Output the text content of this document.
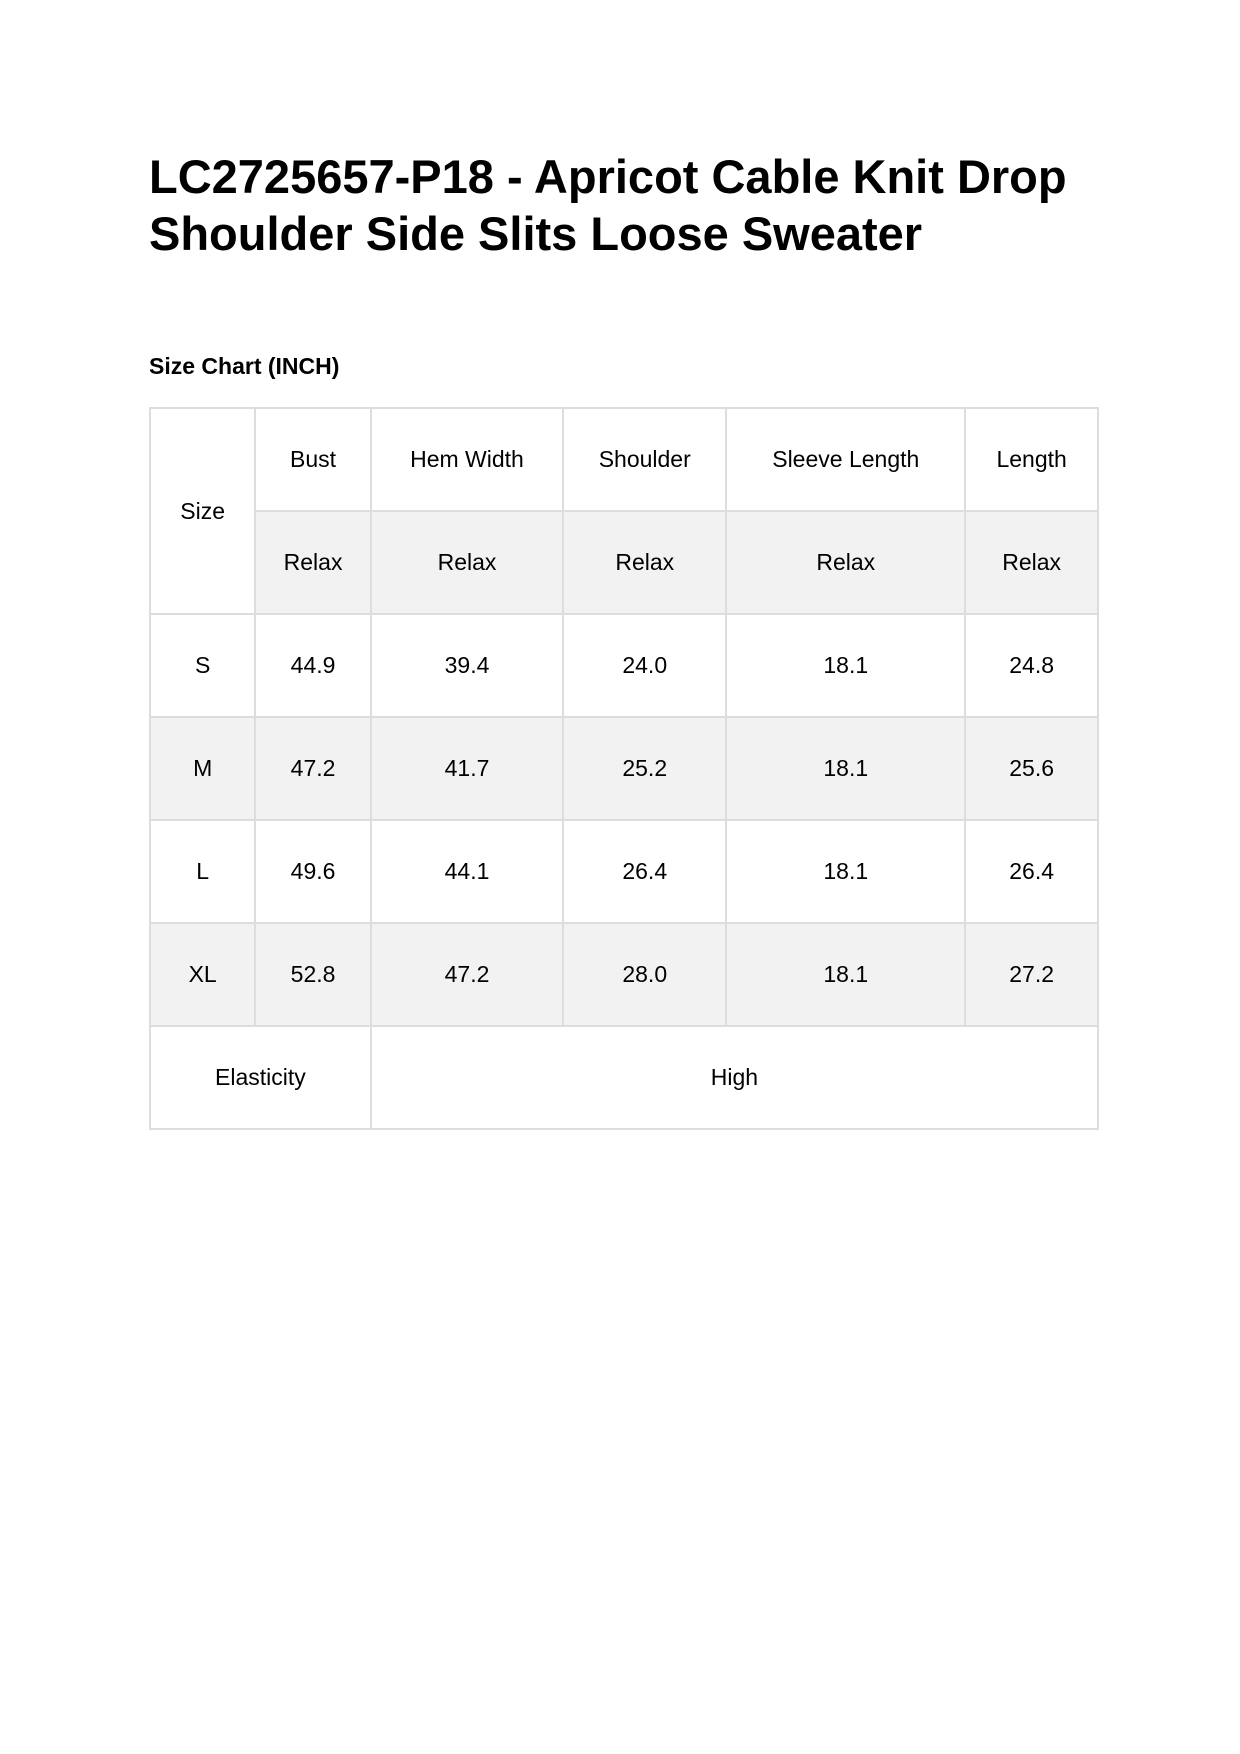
LC2725657-P18 - Apricot Cable Knit Drop Shoulder Side Slits Loose Sweater
Size Chart (INCH)
Size	Bust	Hem Width	Shoulder	Sleeve Length	Length
	Relax	Relax	Relax	Relax	Relax
S	44.9	39.4	24.0	18.1	24.8
M	47.2	41.7	25.2	18.1	25.6
L	49.6	44.1	26.4	18.1	26.4
XL	52.8	47.2	28.0	18.1	27.2
Elasticity		High			
